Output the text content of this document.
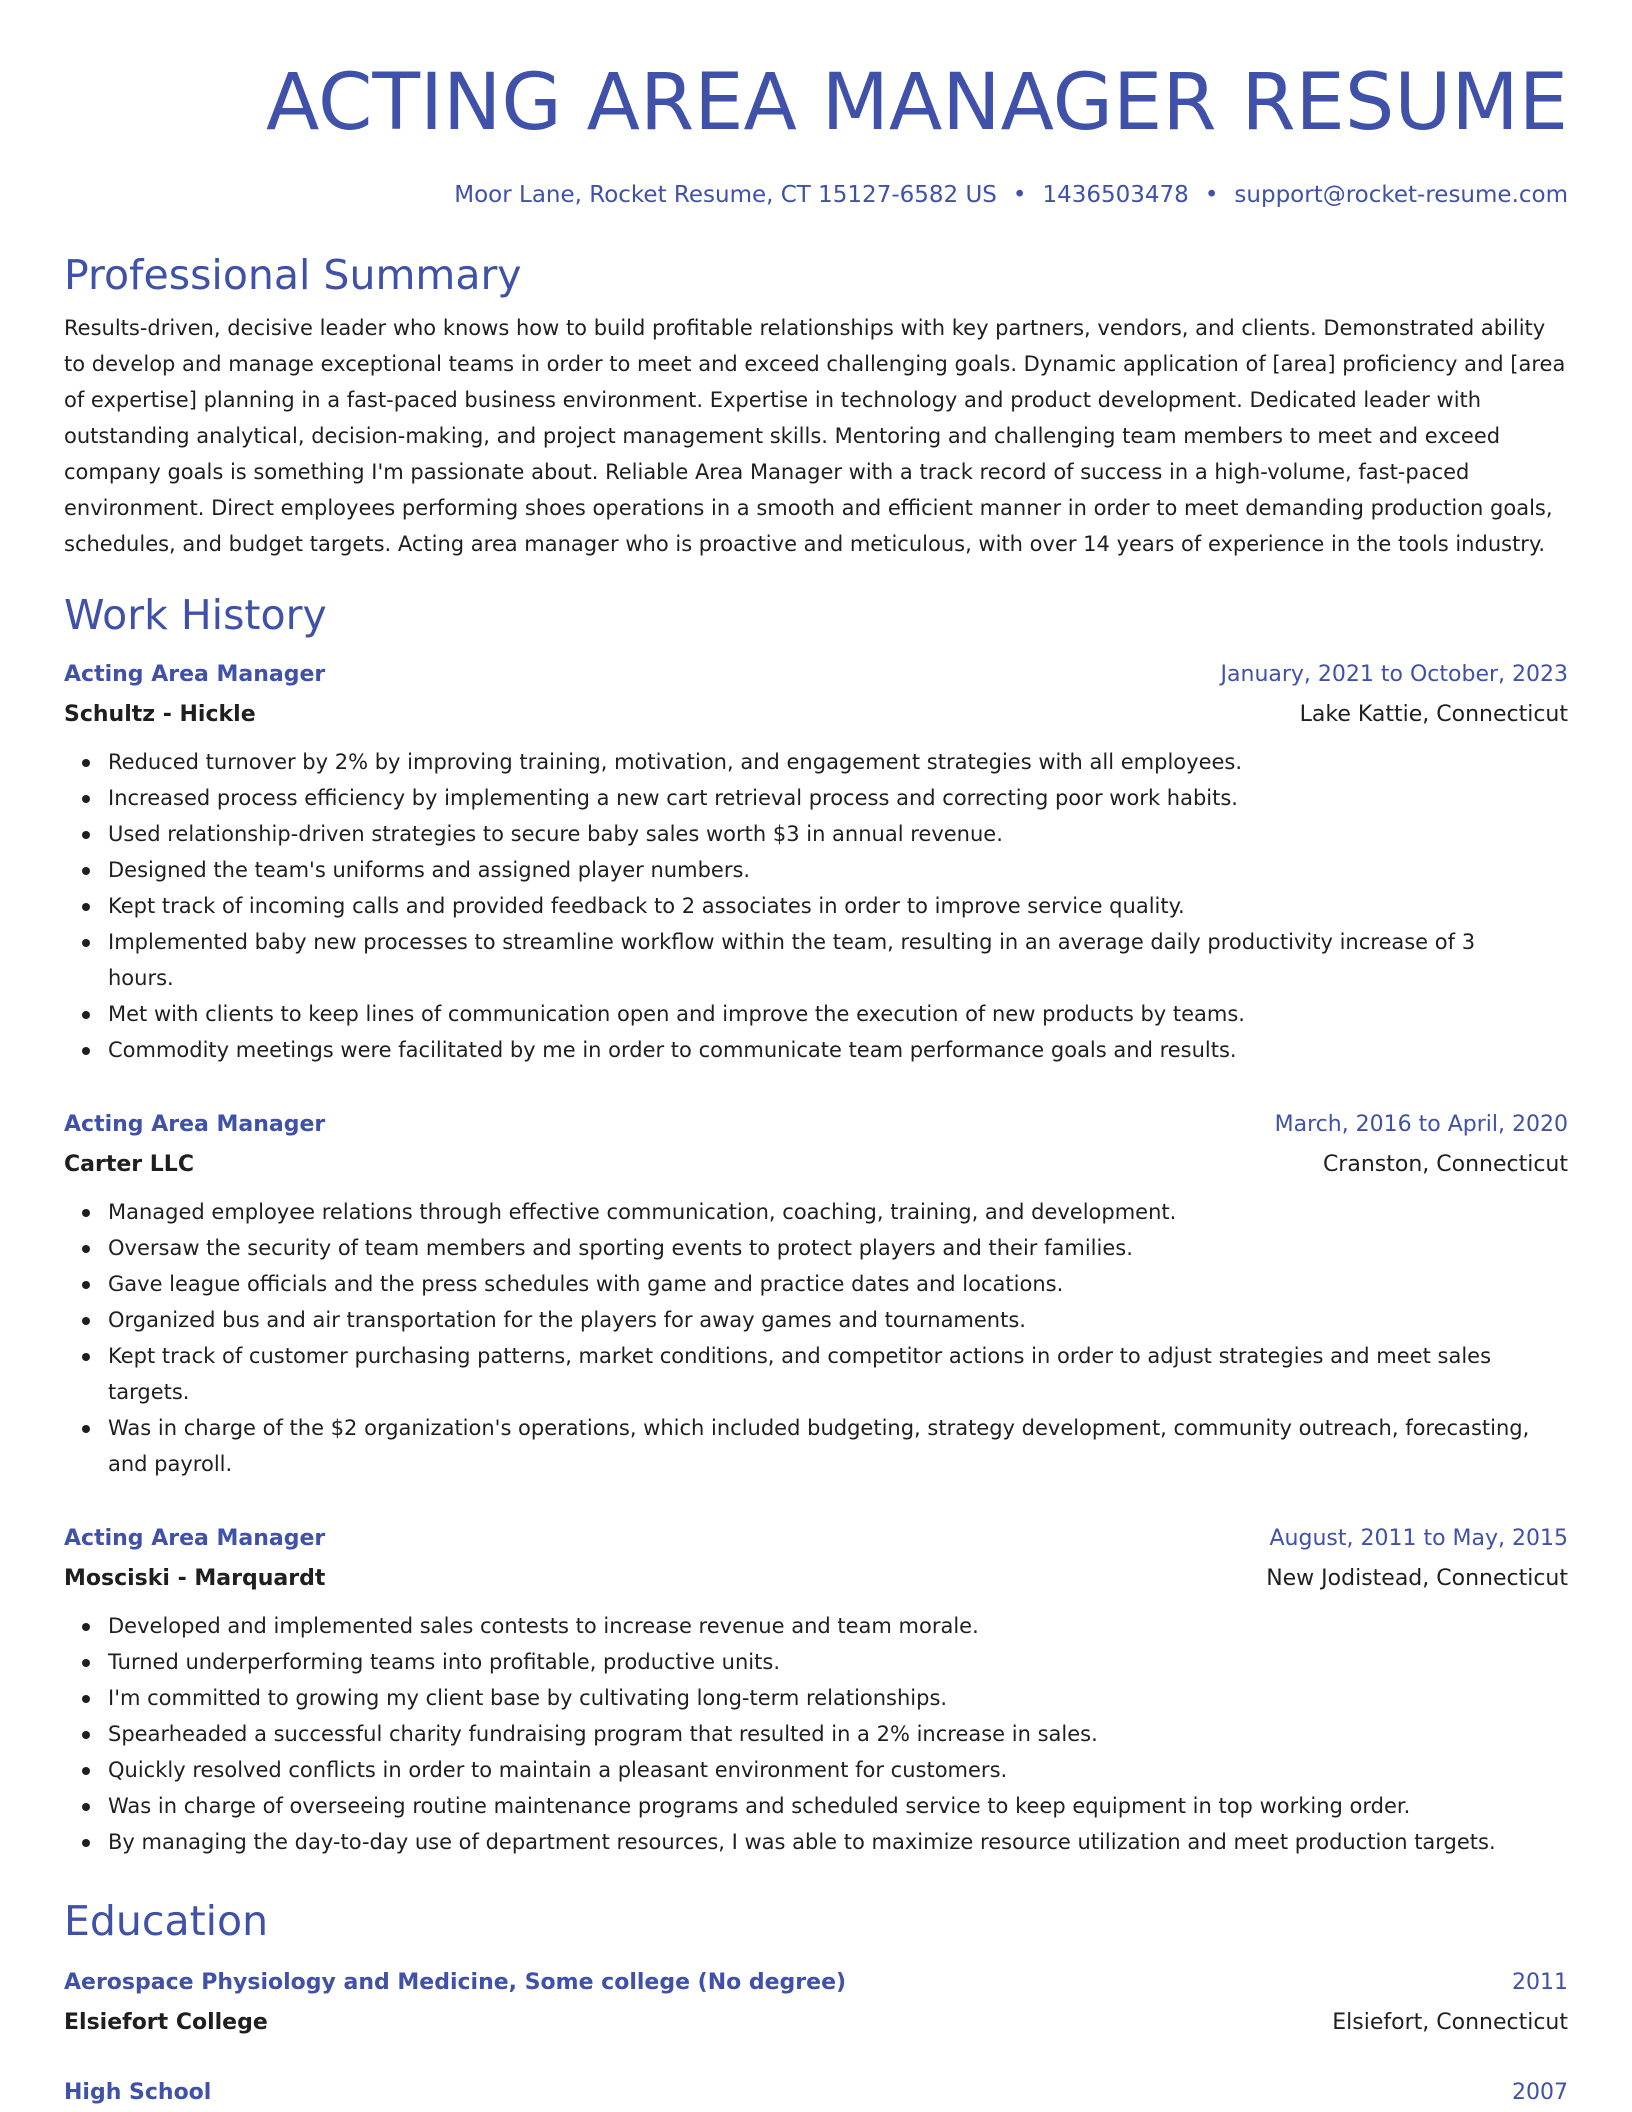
ACTING AREA MANAGER RESUME
Moor Lane, Rocket Resume, CT 15127-6582 US • 1436503478 • support@rocket-resume.com
Professional Summary

Results-driven, decisive leader who knows how to build profitable relationships with key partners, vendors, and clients. Demonstrated ability to develop and manage exceptional teams in order to meet and exceed challenging goals. Dynamic application of [area] proficiency and [area of expertise] planning in a fast-paced business environment. Expertise in technology and product development. Dedicated leader with outstanding analytical, decision-making, and project management skills. Mentoring and challenging team members to meet and exceed company goals is something I'm passionate about. Reliable Area Manager with a track record of success in a high-volume, fast-paced environment. Direct employees performing shoes operations in a smooth and efficient manner in order to meet demanding production goals, schedules, and budget targets. Acting area manager who is proactive and meticulous, with over 14 years of experience in the tools industry.

Work History
Acting Area Manager	January, 2021 to October, 2023
Schultz - Hickle	Lake Kattie, Connecticut
Reduced turnover by 2% by improving training, motivation, and engagement strategies with all employees.
Increased process efficiency by implementing a new cart retrieval process and correcting poor work habits.
Used relationship-driven strategies to secure baby sales worth $3 in annual revenue.
Designed the team's uniforms and assigned player numbers.
Kept track of incoming calls and provided feedback to 2 associates in order to improve service quality.
Implemented baby new processes to streamline workflow within the team, resulting in an average daily productivity increase of 3 hours.
Met with clients to keep lines of communication open and improve the execution of new products by teams.
Commodity meetings were facilitated by me in order to communicate team performance goals and results.
Acting Area Manager	March, 2016 to April, 2020
Carter LLC	Cranston, Connecticut
Managed employee relations through effective communication, coaching, training, and development.
Oversaw the security of team members and sporting events to protect players and their families.
Gave league officials and the press schedules with game and practice dates and locations.
Organized bus and air transportation for the players for away games and tournaments.
Kept track of customer purchasing patterns, market conditions, and competitor actions in order to adjust strategies and meet sales targets.
Was in charge of the $2 organization's operations, which included budgeting, strategy development, community outreach, forecasting, and payroll.
Acting Area Manager	August, 2011 to May, 2015
Mosciski - Marquardt	New Jodistead, Connecticut
Developed and implemented sales contests to increase revenue and team morale.
Turned underperforming teams into profitable, productive units.
I'm committed to growing my client base by cultivating long-term relationships.
Spearheaded a successful charity fundraising program that resulted in a 2% increase in sales.
Quickly resolved conflicts in order to maintain a pleasant environment for customers.
Was in charge of overseeing routine maintenance programs and scheduled service to keep equipment in top working order.
By managing the day-to-day use of department resources, I was able to maximize resource utilization and meet production targets.
Education
Aerospace Physiology and Medicine, Some college (No degree)	2011
Elsiefort College	Elsiefort, Connecticut
High School	2007
